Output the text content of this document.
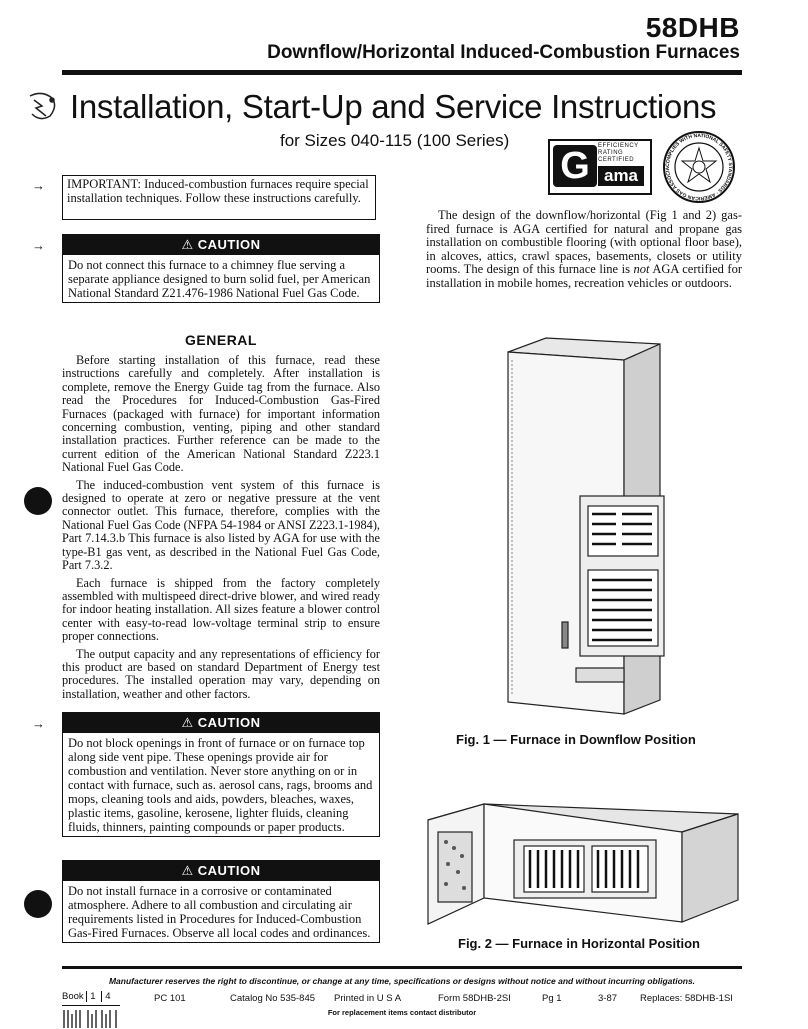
58DHB
Downflow/Horizontal Induced-Combustion Furnaces
Installation, Start-Up and Service Instructions
for Sizes 040-115 (100 Series)
G	EFFICIENCY
RATING
CERTIFIED
ama
COMPLIES WITH NATIONAL SAFETY STANDARDS · AMERICAN GAS ASSOCIA
→	IMPORTANT: Induced-combustion furnaces require special installation techniques. Follow these instructions carefully.
→	⚠ CAUTION
Do not connect this furnace to a chimney flue serving a separate appliance designed to burn solid fuel, per American National Standard Z21.476-1986 National Fuel Gas Code.
GENERAL

Before starting installation of this furnace, read these instructions carefully and completely. After installation is complete, remove the Energy Guide tag from the furnace. Also read the Procedures for Induced-Combustion Gas-Fired Furnaces (packaged with furnace) for important information concerning combustion, venting, piping and other standard installation practices. Further reference can be made to the current edition of the American National Standard Z223.1 National Fuel Gas Code.

The induced-combustion vent system of this furnace is designed to operate at zero or negative pressure at the vent connector outlet. This furnace, therefore, complies with the National Fuel Gas Code (NFPA 54-1984 or ANSI Z223.1-1984), Part 7.14.3.b This furnace is also listed by AGA for use with the type-B1 gas vent, as described in the National Fuel Gas Code, Part 7.3.2.

Each furnace is shipped from the factory completely assembled with multispeed direct-drive blower, and wired ready for indoor heating installation. All sizes feature a blower control center with easy-to-read low-voltage terminal strip to ensure proper connections.

The output capacity and any representations of efficiency for this product are based on standard Department of Energy test procedures. The installed operation may vary, depending on installation, weather and other factors.

→	⚠ CAUTION
Do not block openings in front of furnace or on furnace top along side vent pipe. These openings provide air for combustion and ventilation. Never store anything on or in contact with furnace, such as. aerosol cans, rags, brooms and mops, cleaning tools and aids, powders, bleaches, waxes, plastic items, gasoline, kerosene, lighter fluids, cleaning fluids, thinners, painting compounds or paper products.
⚠ CAUTION
Do not install furnace in a corrosive or contaminated atmosphere. Adhere to all combustion and circulating air requirements listed in Procedures for Induced-Combustion Gas-Fired Furnaces. Observe all local codes and ordinances.
The design of the downflow/horizontal (Fig 1 and 2) gas-fired furnace is AGA certified for natural and propane gas installation on combustible flooring (with optional floor base), in alcoves, attics, crawl spaces, basements, closets or utility rooms. The design of this furnace line is not AGA certified for installation in mobile homes, recreation vehicles or outdoors.
Fig. 1 — Furnace in Downflow Position
Fig. 2 — Furnace in Horizontal Position
Manufacturer reserves the right to discontinue, or change at any time, specifications or designs without notice and without incurring obligations.
Book 1 4	PC 101	Catalog No 535-845 Printed in U S A	Form 58DHB-2SI	Pg 1	3-87 Replaces: 58DHB-1SI
For replacement items contact distributor
